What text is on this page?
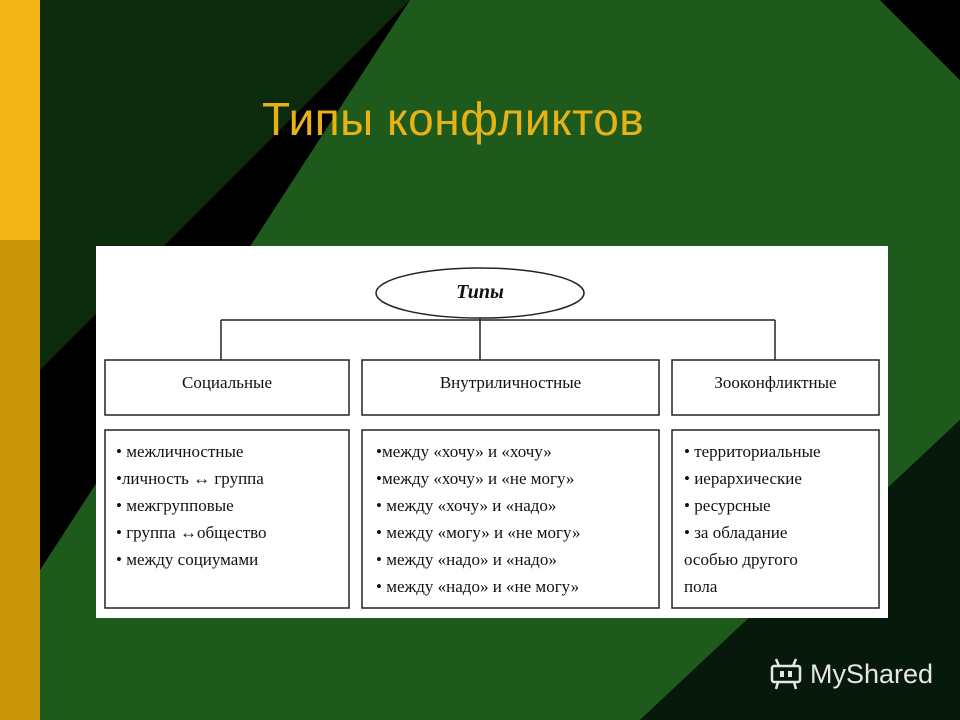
Типы конфликтов
Типы
Социальные	Внутриличностные	Зооконфликтные
• межличностные
•личность ↔ группа
• межгрупповые
• группа ↔общество
• между социумами
•между «хочу» и «хочу»
•между «хочу» и «не могу»
• между «хочу» и «надо»
• между «могу» и «не могу»
• между «надо» и «надо»
• между «надо» и «не могу»
• территориальные
• иерархические
• ресурсные
• за обладание
особью другого
пола
MyShared
